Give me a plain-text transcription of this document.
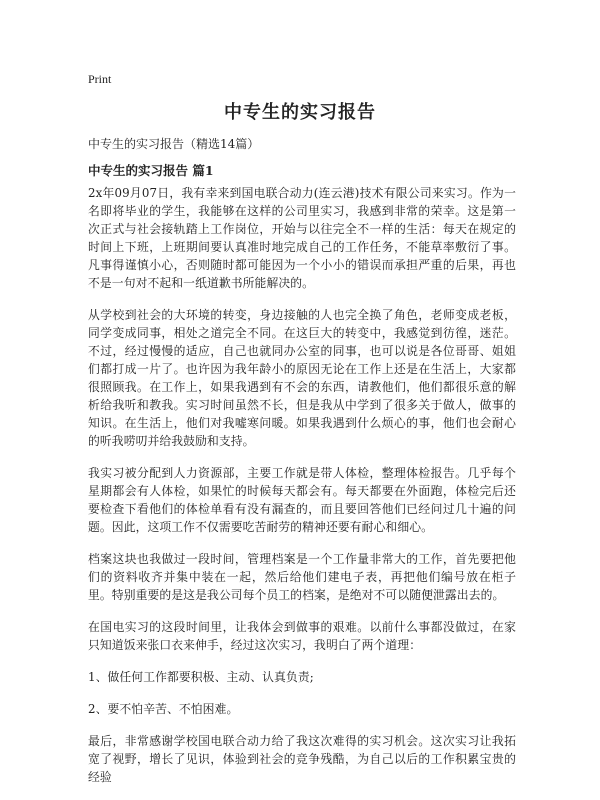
Print
中专生的实习报告

中专生的实习报告（精选14篇）

中专生的实习报告 篇1

2x年09月07日，我有幸来到国电联合动力(连云港)技术有限公司来实习。作为一名即将毕业的学生，我能够在这样的公司里实习，我感到非常的荣幸。这是第一次正式与社会接轨踏上工作岗位，开始与以往完全不一样的生活：每天在规定的时间上下班，上班期间要认真准时地完成自己的工作任务，不能草率敷衍了事。凡事得谨慎小心，否则随时都可能因为一个小小的错误而承担严重的后果，再也不是一句对不起和一纸道歉书所能解决的。

从学校到社会的大环境的转变，身边接触的人也完全换了角色，老师变成老板，同学变成同事，相处之道完全不同。在这巨大的转变中，我感觉到彷徨，迷茫。不过，经过慢慢的适应，自己也就同办公室的同事，也可以说是各位哥哥、姐姐们都打成一片了。也许因为我年龄小的原因无论在工作上还是在生活上，大家都很照顾我。在工作上，如果我遇到有不会的东西，请教他们，他们都很乐意的解析给我听和教我。实习时间虽然不长，但是我从中学到了很多关于做人，做事的知识。在生活上，他们对我嘘寒问暖。如果我遇到什么烦心的事，他们也会耐心的听我唠叨并给我鼓励和支持。

我实习被分配到人力资源部，主要工作就是带人体检，整理体检报告。几乎每个星期都会有人体检，如果忙的时候每天都会有。每天都要在外面跑，体检完后还要检查下看他们的体检单看有没有漏查的，而且要回答他们已经问过几十遍的问题。因此，这项工作不仅需要吃苦耐劳的精神还要有耐心和细心。

档案这块也我做过一段时间，管理档案是一个工作量非常大的工作，首先要把他们的资料收齐并集中装在一起，然后给他们建电子表，再把他们编号放在柜子里。特别重要的是这是我公司每个员工的档案，是绝对不可以随便泄露出去的。

在国电实习的这段时间里，让我体会到做事的艰难。以前什么事都没做过，在家只知道饭来张口衣来伸手，经过这次实习，我明白了两个道理：

1、做任何工作都要积极、主动、认真负责;

2、要不怕辛苦、不怕困难。

最后，非常感谢学校国电联合动力给了我这次难得的实习机会。这次实习让我拓宽了视野，增长了见识，体验到社会的竞争残酷，为自己以后的工作积累宝贵的经验
